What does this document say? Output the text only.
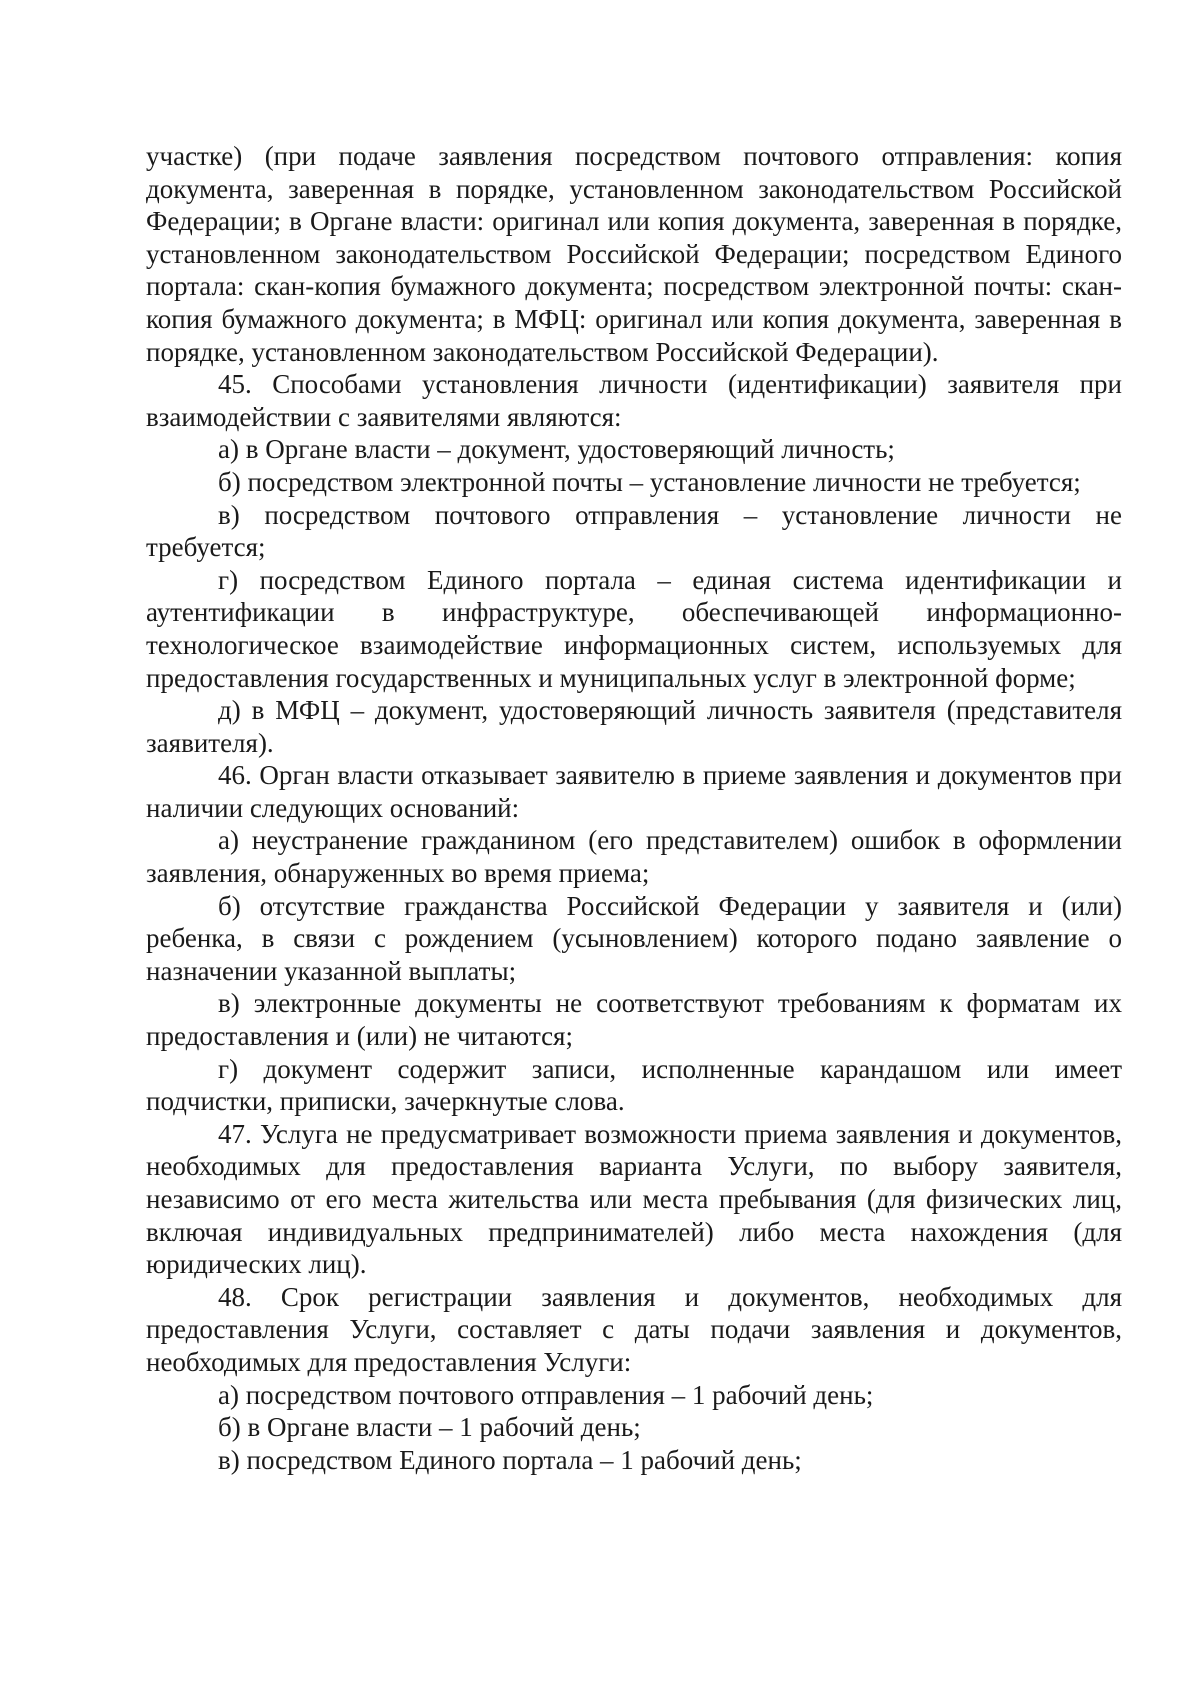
участке) (при подаче заявления посредством почтового отправления: копия документа, заверенная в порядке, установленном законодательством Российской Федерации; в Органе власти: оригинал или копия документа, заверенная в порядке, установленном законодательством Российской Федерации; посредством Единого портала: скан-копия бумажного документа; посредством электронной почты: скан-копия бумажного документа; в МФЦ: оригинал или копия документа, заверенная в порядке, установленном законодательством Российской Федерации).

45. Способами установления личности (идентификации) заявителя при взаимодействии с заявителями являются:

а) в Органе власти – документ, удостоверяющий личность;

б) посредством электронной почты – установление личности не требуется;

в) посредством почтового отправления – установление личности не требуется;

г) посредством Единого портала – единая система идентификации и аутентификации в инфраструктуре, обеспечивающей информационно-технологическое взаимодействие информационных систем, используемых для предоставления государственных и муниципальных услуг в электронной форме;

д) в МФЦ – документ, удостоверяющий личность заявителя (представителя заявителя).

46. Орган власти отказывает заявителю в приеме заявления и документов при наличии следующих оснований:

а) неустранение гражданином (его представителем) ошибок в оформлении заявления, обнаруженных во время приема;

б) отсутствие гражданства Российской Федерации у заявителя и (или) ребенка, в связи с рождением (усыновлением) которого подано заявление о назначении указанной выплаты;

в) электронные документы не соответствуют требованиям к форматам их предоставления и (или) не читаются;

г) документ содержит записи, исполненные карандашом или имеет подчистки, приписки, зачеркнутые слова.

47. Услуга не предусматривает возможности приема заявления и документов, необходимых для предоставления варианта Услуги, по выбору заявителя, независимо от его места жительства или места пребывания (для физических лиц, включая индивидуальных предпринимателей) либо места нахождения (для юридических лиц).

48. Срок регистрации заявления и документов, необходимых для предоставления Услуги, составляет с даты подачи заявления и документов, необходимых для предоставления Услуги:

а) посредством почтового отправления – 1 рабочий день;

б) в Органе власти – 1 рабочий день;

в) посредством Единого портала – 1 рабочий день;
